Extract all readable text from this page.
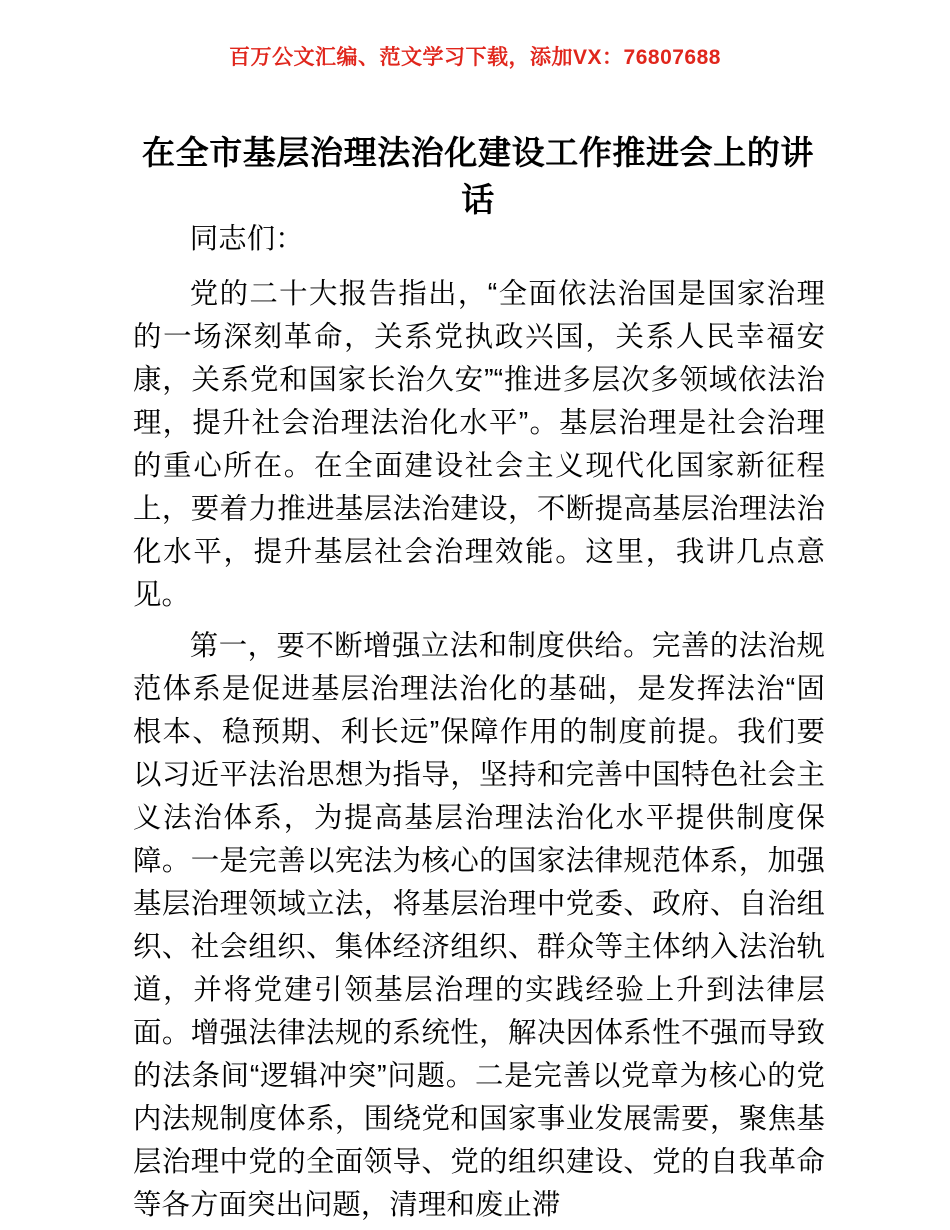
百万公文汇编、范文学习下载，添加VX：76807688
在全市基层治理法治化建设工作推进会上的讲话

同志们：

党的二十大报告指出，“全面依法治国是国家治理的一场深刻革命，关系党执政兴国，关系人民幸福安康，关系党和国家长治久安”“推进多层次多领域依法治理，提升社会治理法治化水平”。基层治理是社会治理的重心所在。在全面建设社会主义现代化国家新征程上，要着力推进基层法治建设，不断提高基层治理法治化水平，提升基层社会治理效能。这里，我讲几点意见。

第一，要不断增强立法和制度供给。完善的法治规范体系是促进基层治理法治化的基础，是发挥法治“固根本、稳预期、利长远”保障作用的制度前提。我们要以习近平法治思想为指导，坚持和完善中国特色社会主义法治体系，为提高基层治理法治化水平提供制度保障。一是完善以宪法为核心的国家法律规范体系，加强基层治理领域立法，将基层治理中党委、政府、自治组织、社会组织、集体经济组织、群众等主体纳入法治轨道，并将党建引领基层治理的实践经验上升到法律层面。增强法律法规的系统性，解决因体系性不强而导致的法条间“逻辑冲突”问题。二是完善以党章为核心的党内法规制度体系，围绕党和国家事业发展需要，聚焦基层治理中党的全面领导、党的组织建设、党的自我革命等各方面突出问题，清理和废止滞
